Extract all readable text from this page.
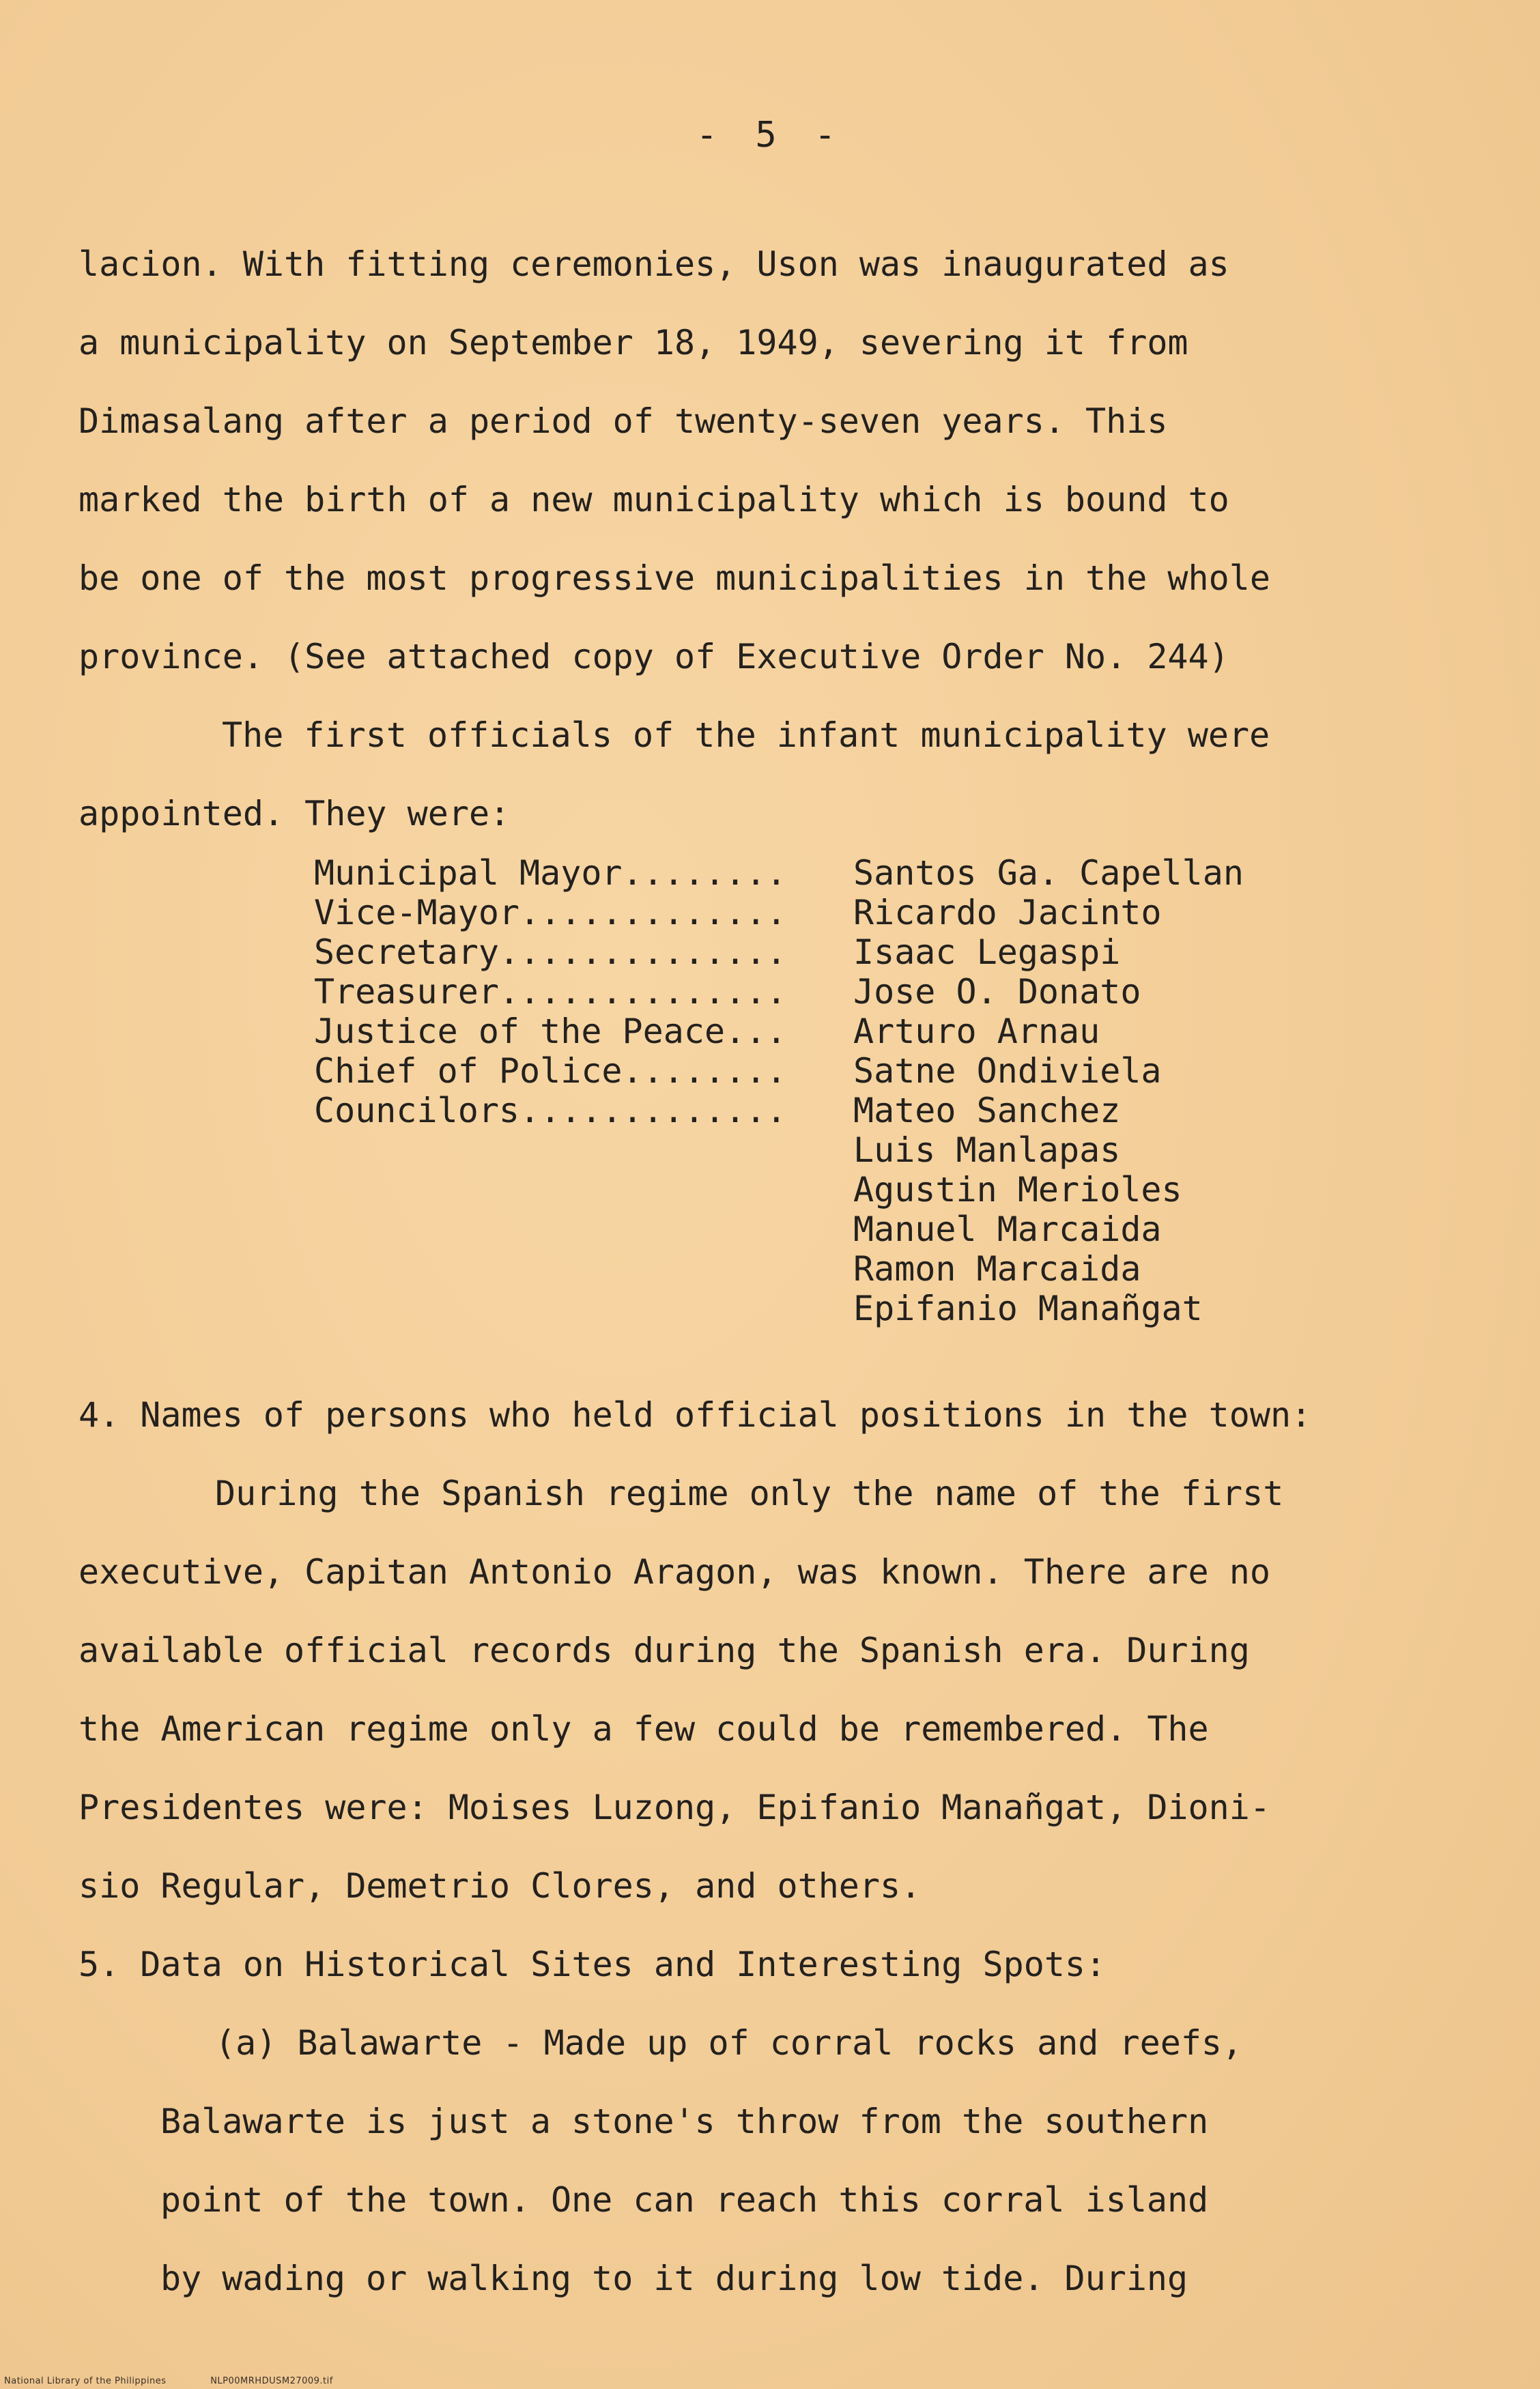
- 5 -
lacion. With fitting ceremonies, Uson was inaugurated as
a municipality on September 18, 1949, severing it from
Dimasalang after a period of twenty-seven years. This
marked the birth of a new municipality which is bound to
be one of the most progressive municipalities in the whole
province. (See attached copy of Executive Order No. 244)
The first officials of the infant municipality were
appointed. They were:
Municipal Mayor........	Santos Ga. Capellan
Vice-Mayor.............	Ricardo Jacinto
Secretary..............	Isaac Legaspi
Treasurer..............	Jose O. Donato
Justice of the Peace...	Arturo Arnau
Chief of Police........	Satne Ondiviela
Councilors.............	Mateo Sanchez
Luis Manlapas
Agustin Merioles
Manuel Marcaida
Ramon Marcaida
Epifanio Manañgat
4. Names of persons who held official positions in the town:
During the Spanish regime only the name of the first
executive, Capitan Antonio Aragon, was known. There are no
available official records during the Spanish era. During
the American regime only a few could be remembered. The
Presidentes were: Moises Luzong, Epifanio Manañgat, Dioni-
sio Regular, Demetrio Clores, and others.
5. Data on Historical Sites and Interesting Spots:
(a) Balawarte - Made up of corral rocks and reefs,
Balawarte is just a stone's throw from the southern
point of the town. One can reach this corral island
by wading or walking to it during low tide. During
National Library of the Philippines	NLP00MRHDUSM27009.tif
